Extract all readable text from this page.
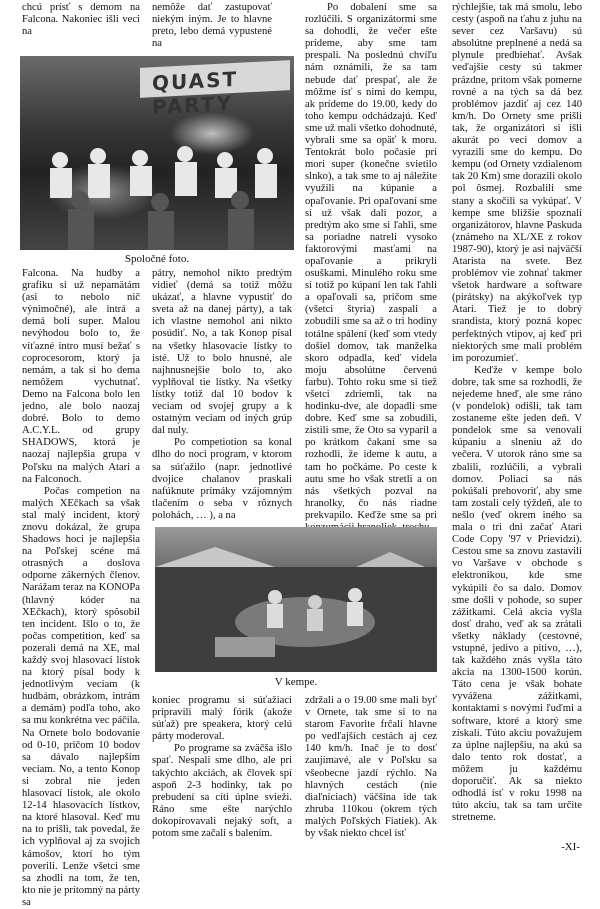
chcú prísť s demom na Falcona. Nakoniec išli veci na

nemôže dať zastupovať niekým iným. Je to hlavne preto, lebo demá vypustené na

QUAST PARTY
Spoločné foto.

Falcona. Na hudby a grafiku si už nepamätám (asi to nebolo nič výnimočné), ale intrá a demá boli super. Malou nevýhodou bolo to, že víťazné intro musí bežať s coprocesorom, ktorý ja nemám, a tak si ho dema nemôžem vychutnať. Demo na Falcona bolo len jedno, ale bolo naozaj dobré. Bolo to demo A.C.Y.L. od grupy SHADOWS, ktorá je naozaj najlepšia grupa v Poľsku na malých Atari a na Falconoch.

Počas competion na malých XEčkach sa však stal malý incident, ktorý znovu dokázal, že grupa Shadows hoci je najlepšia na Poľskej scéne má otrasných a doslova odporne zákerných členov. Narážam teraz na KONOPa (hlavný kóder na XEčkach), ktorý spôsobil ten incident. Išlo o to, že počas competition, keď sa pozerali demá na XE, mal každý svoj hlasovací lístok na ktorý písal body k jednotlivým veciam (k hudbám, obrázkom, intrám a demám) podľa toho, ako sa mu konkrétna vec páčila. Na Ornete bolo bodovanie od 0-10, pričom 10 bodov sa dávalo najlepším veciam. No, a tento Konop si zobral nie jeden hlasovací lístok, ale okolo 12-14 hlasovacích lístkov, na ktoré hlasoval. Keď mu na to prišli, tak povedal, že ich vyplňoval aj za svojich kámošov, ktorí ho tým poverili. Lenže všetci sme sa zhodli na tom, že ten, kto nie je prítomný na párty sa

pátry, nemohol nikto predtým vidieť (demá sa totiž môžu ukázať, a hlavne vypustiť do sveta až na danej párty), a tak ich vlastne nemohol ani nikto posúdiť. No, a tak Konop písal na všetky hlasovacie lístky to isté. Už to bolo hnusné, ale najhnusnejšie bolo to, ako vyplňoval tie lístky. Na všetky lístky totiž dal 10 bodov k veciam od svojej grupy a k ostatným veciam od iných grúp dal nuly.

Po competiotion sa konal dlho do noci program, v ktorom sa súťažilo (napr. jednotlivé dvojice chalanov praskali nafúknute prímáky vzájomným tlačením o seba v rôznych polohách, … ), a na

Po dobalení sme sa rozlúčili. S organizátormi sme sa dohodli, že večer ešte prídeme, aby sme tam prespali. Na poslednú chvíľu nám oznámili, že sa tam nebude dať prespať, ale že môžme ísť s nimi do kempu, ak prídeme do 19.00, kedy do toho kempu odchádzajú. Keď sme už mali všetko dohodnuté, vybrali sme sa opäť k moru. Tentokrát bolo počasie pri mori super (konečne svietilo slnko), a tak sme to aj náležite využili na kúpanie a opaľovanie. Pri opaľovaní sme si už však dali pozor, a predtým ako sme si ľahli, sme sa poriadne natreli vysoko faktorovými masťami na opaľovanie a prikryli osuškami. Minulého roku sme si totiž po kúpaní len tak ľahli a opaľovali sa, pričom sme (všetci štyria) zaspali a zobudili sme sa až o tri hodiny totálne spálení (keď som vtedy došiel domov, tak manželka skoro odpadla, keď videla moju absolútne červenú farbu). Tohto roku sme si tiež všetci zdriemli, tak na hodinku-dve, ale dopadli sme dobre. Keď sme sa zobudili, zistili sme, že Oto sa vyparil a po krátkom čakaní sme sa rozhodli, že ideme k autu, a tam ho počkáme. Po ceste k autu sme ho však stretli a on nás všetkých pozval na hranolky, čo nás riadne prekvapilo. Keďže sme sa pri

rýchlejšie, tak má smolu, lebo cesty (aspoň na ťahu z juhu na sever cez Varšavu) sú absolútne preplnené a nedá sa plynule predbiehať. Avšak veďajšie cesty sú takmer prázdne, pritom však pomerne rovné a na tých sa dá bez problémov jazdiť aj cez 140 km/h. Do Ornety sme prišli tak, že organizátori si išli akurát po veci domov a vyrazili sme do kempu. Do kempu (od Ornety vzdialenom tak 20 Km) sme dorazili okolo pol ôsmej. Rozbalili sme stany a skočili sa vykúpať. V kempe sme bližšie spoznali organizátorov, hlavne Paskuda (známeho na XL/XE z rokov 1987-90), ktorý je asi najväčší Atarista na svete. Bez problémov vie zohnať takmer všetok hardware a software (pirátsky) na akýkoľvek typ Atari. Tiež je to dobrý srandista, ktorý pozná kopec perfektných vtipov, aj keď pri niektorých sme mali problém im porozumieť.

Keďže v kempe bolo dobre, tak sme sa rozhodli, že nejedeme hneď, ale sme ráno (v pondelok) odišli, tak tam zostaneme ešte jeden deň. V pondelok sme sa venovali kúpaniu a slneniu až do večera. V utorok ráno sme sa zbalili, rozlúčili, a vybrali domov. Poliaci sa nás pokúšali prehovoriť, aby sme tam zostali celý týždeň, ale to nešlo (veď okrem iného sa mala o tri dni začať Atari Code Copy '97 v Prievidzi). Cestou sme sa znovu zastavili vo Varšave v obchode s elektronikou, kde sme vykúpili čo sa dalo. Domov sme došli v pohode, so super zážitkami. Celá akcia vyšla dosť draho, veď ak sa zrátali všetky náklady (cestovné, vstupné, jedivo a pitivo, …), tak každého znás vyšla táto akcia na 1300-1500 korún. Táto cena je však bohate vyvážena zážitkami, kontaktami s novými ľuďmi a software, ktoré a ktorý sme získali. Túto akciu považujem za úplne najlepšiu, na akú sa dalo tento rok dostať, a môžem ju každému doporučiť. Ak sa niekto odhodlá ísť v roku 1998 na túto akciu, tak sa tam určite stretneme.

V kempe.

koniec programu si súťažiaci pripravili malý fórik (akože súťaž) pre speakera, ktorý celú párty moderoval.

Po programe sa zväčša išlo spať. Nespali sme dlho, ale pri takýchto akciách, ak človek spí aspoň 2-3 hodinky, tak po prebudení sa cíti úplne svieži. Ráno sme ešte narýchlo dokopírovavali nejaký soft, a potom sme začali s balením.

zdržali a o 19.00 sme mali byť v Ornete, tak sme si to na starom Favorite frčali hlavne po vedľajších cestách aj cez 140 km/h. Inač je to dosť zaujímavé, ale v Poľsku sa všeobecne jazdí rýchlo. Na hlavných cestách (nie diaľniciach) väčšina ide tak zhruba 110kou (okrem tých malých Poľských Fiatiek). Ak by však niekto chcel ísť

-XI-
